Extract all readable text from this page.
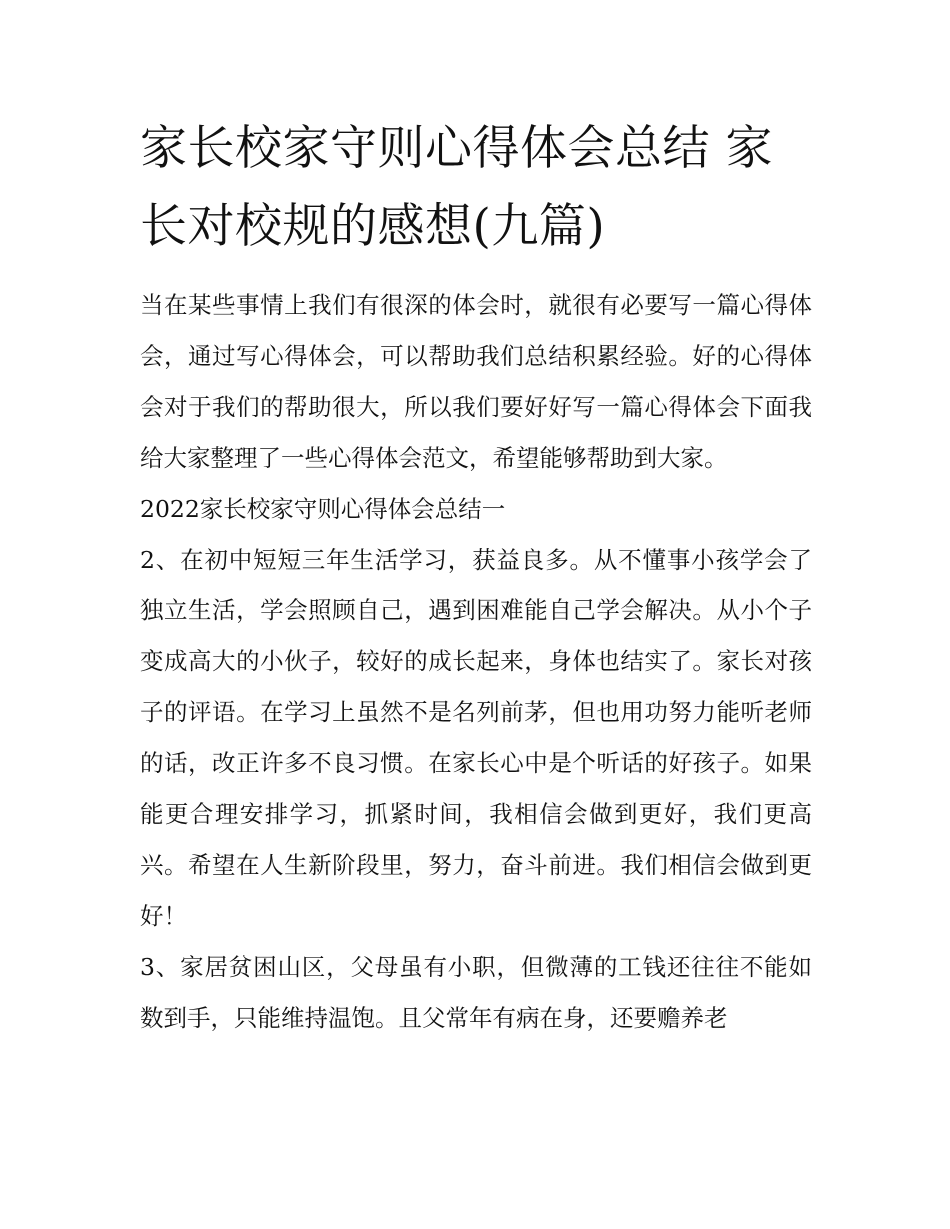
家长校家守则心得体会总结 家长对校规的感想(九篇)

当在某些事情上我们有很深的体会时，就很有必要写一篇心得体会，通过写心得体会，可以帮助我们总结积累经验。好的心得体会对于我们的帮助很大，所以我们要好好写一篇心得体会下面我给大家整理了一些心得体会范文，希望能够帮助到大家。

2022家长校家守则心得体会总结一

2、在初中短短三年生活学习，获益良多。从不懂事小孩学会了独立生活，学会照顾自己，遇到困难能自己学会解决。从小个子变成高大的小伙子，较好的成长起来，身体也结实了。家长对孩子的评语。在学习上虽然不是名列前茅，但也用功努力能听老师的话，改正许多不良习惯。在家长心中是个听话的好孩子。如果能更合理安排学习，抓紧时间，我相信会做到更好，我们更高兴。希望在人生新阶段里，努力，奋斗前进。我们相信会做到更好！

3、家居贫困山区，父母虽有小职，但微薄的工钱还往往不能如数到手，只能维持温饱。且父常年有病在身，还要赡养老
